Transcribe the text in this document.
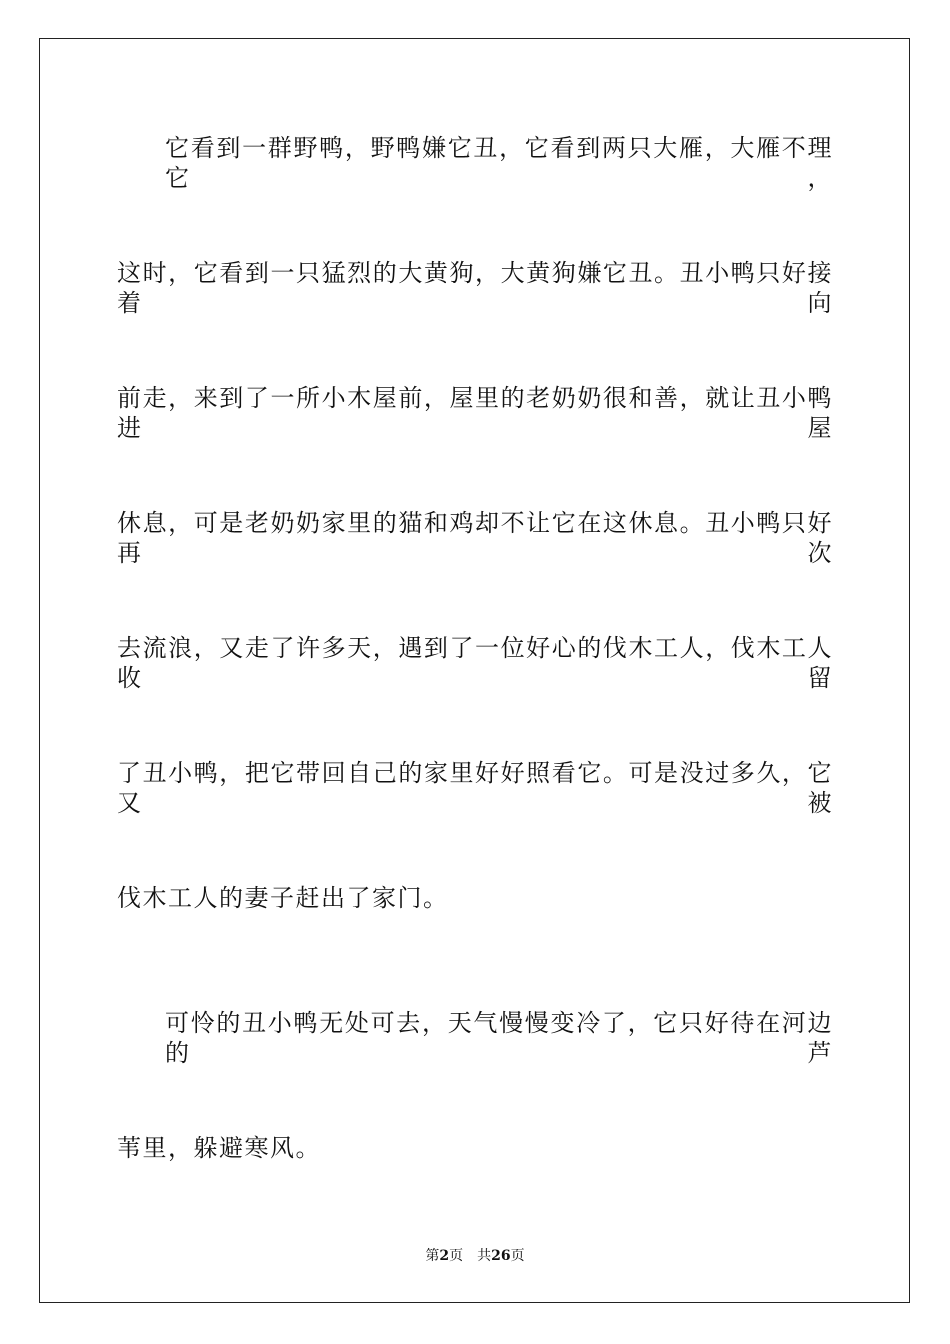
它看到一群野鸭，野鸭嫌它丑，它看到两只大雁，大雁不理它，
这时，它看到一只猛烈的大黄狗，大黄狗嫌它丑。丑小鸭只好接着向
前走，来到了一所小木屋前，屋里的老奶奶很和善，就让丑小鸭进屋
休息，可是老奶奶家里的猫和鸡却不让它在这休息。丑小鸭只好再次
去流浪，又走了许多天，遇到了一位好心的伐木工人，伐木工人收留
了丑小鸭，把它带回自己的家里好好照看它。可是没过多久，它又被
伐木工人的妻子赶出了家门。
可怜的丑小鸭无处可去，天气慢慢变冷了，它只好待在河边的芦
苇里，躲避寒风。
第2页 共26页
